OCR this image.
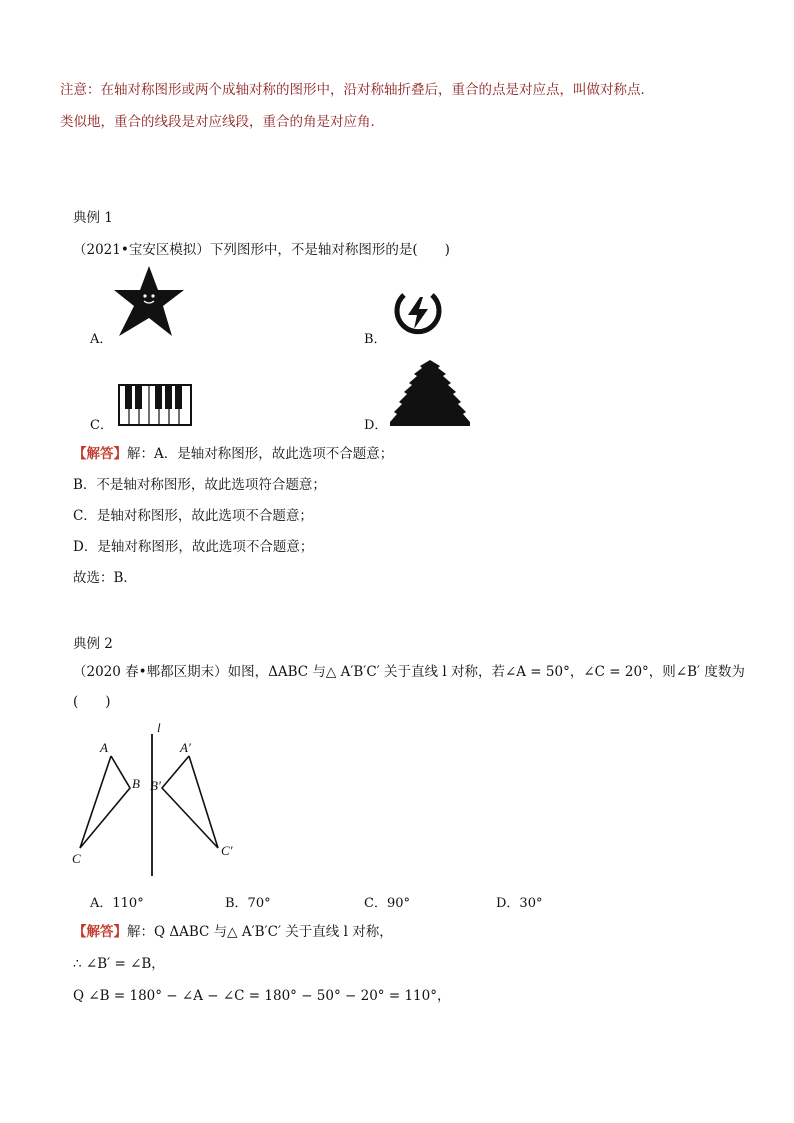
注意：在轴对称图形或两个成轴对称的图形中，沿对称轴折叠后，重合的点是对应点，叫做对称点．
类似地，重合的线段是对应线段，重合的角是对应角．
典例 1
（2021•宝安区模拟）下列图形中，不是轴对称图形的是(　　)
A．	B．
C．	D．
【解答】解：A．是轴对称图形，故此选项不合题意；
B．不是轴对称图形，故此选项符合题意；
C．是轴对称图形，故此选项不合题意；
D．是轴对称图形，故此选项不合题意；
故选：B．
典例 2
（2020 春•郫都区期末）如图，ΔABC 与△ A′B′C′ 关于直线 l 对称，若∠A = 50°，∠C = 20°，则∠B′ 度数为
(　　)
l
A
B
C
A′
B′
C′
A．110°	B．70°	C．90°	D．30°
【解答】解：Q ΔABC 与△ A′B′C′ 关于直线 l 对称，
∴ ∠B′ = ∠B，
Q ∠B = 180° − ∠A − ∠C = 180° − 50° − 20° = 110°，
